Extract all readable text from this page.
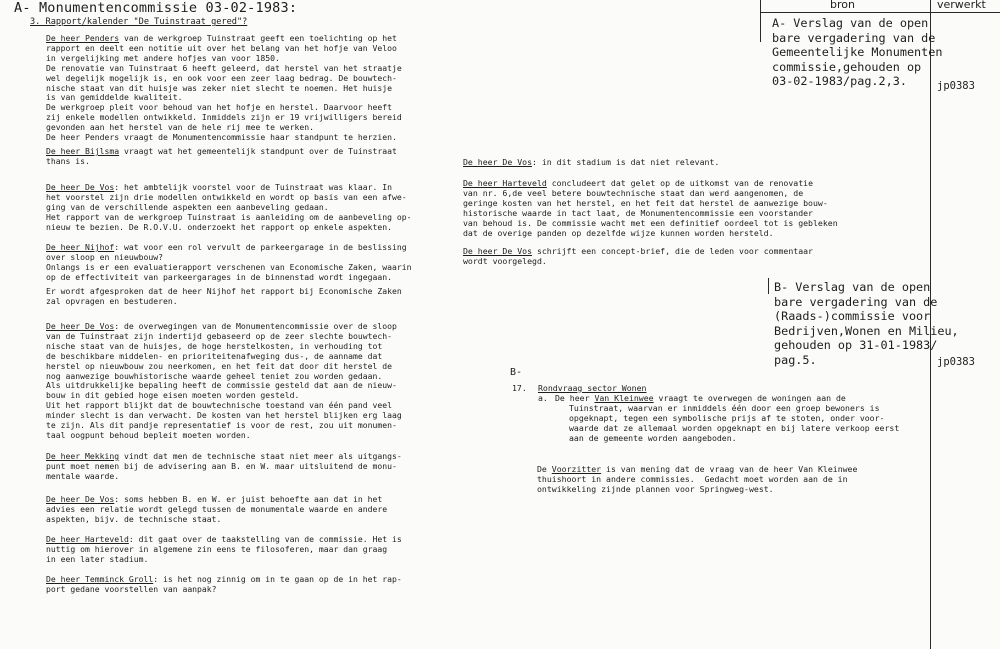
A- Monumentencommissie 03-02-1983:
3. Rapport/kalender "De Tuinstraat gered"?
bron	verwerkt
De heer Penders van de werkgroep Tuinstraat geeft een toelichting op het
rapport en deelt een notitie uit over het belang van het hofje van Veloo
in vergelijking met andere hofjes van voor 1850.
De renovatie van Tuinstraat 6 heeft geleerd, dat herstel van het straatje
wel degelijk mogelijk is, en ook voor een zeer laag bedrag. De bouwtech-
nische staat van dit huisje was zeker niet slecht te noemen. Het huisje
is van gemiddelde kwaliteit.
De werkgroep pleit voor behoud van het hofje en herstel. Daarvoor heeft
zij enkele modellen ontwikkeld. Inmiddels zijn er 19 vrijwilligers bereid
gevonden aan het herstel van de hele rij mee te werken.
De heer Penders vraagt de Monumentencommissie haar standpunt te herzien.
De heer Bijlsma vraagt wat het gemeentelijk standpunt over de Tuinstraat
thans is.
De heer De Vos: het ambtelijk voorstel voor de Tuinstraat was klaar. In
het voorstel zijn drie modellen ontwikkeld en wordt op basis van een afwe-
ging van de verschillende aspekten een aanbeveling gedaan.
Het rapport van de werkgroep Tuinstraat is aanleiding om de aanbeveling op-
nieuw te bezien. De R.O.V.U. onderzoekt het rapport op enkele aspekten.
De heer Nijhof: wat voor een rol vervult de parkeergarage in de beslissing
over sloop en nieuwbouw?
Onlangs is er een evaluatierapport verschenen van Economische Zaken, waarin
op de effectiviteit van parkeergarages in de binnenstad wordt ingegaan.
Er wordt afgesproken dat de heer Nijhof het rapport bij Economische Zaken
zal opvragen en bestuderen.
De heer De Vos: de overwegingen van de Monumentencommissie over de sloop
van de Tuinstraat zijn indertijd gebaseerd op de zeer slechte bouwtech-
nische staat van de huisjes, de hoge herstelkosten, in verhouding tot
de beschikbare middelen- en prioriteitenafweging dus-, de aanname dat
herstel op nieuwbouw zou neerkomen, en het feit dat door dit herstel de
nog aanwezige bouwhistorische waarde geheel teniet zou worden gedaan.
Als uitdrukkelijke bepaling heeft de commissie gesteld dat aan de nieuw-
bouw in dit gebied hoge eisen moeten worden gesteld.
Uit het rapport blijkt dat de bouwtechnische toestand van één pand veel
minder slecht is dan verwacht. De kosten van het herstel blijken erg laag
te zijn. Als dit pandje representatief is voor de rest, zou uit monumen-
taal oogpunt behoud bepleit moeten worden.
De heer Mekking vindt dat men de technische staat niet meer als uitgangs-
punt moet nemen bij de advisering aan B. en W. maar uitsluitend de monu-
mentale waarde.
De heer De Vos: soms hebben B. en W. er juist behoefte aan dat in het
advies een relatie wordt gelegd tussen de monumentale waarde en andere
aspekten, bijv. de technische staat.
De heer Harteveld: dit gaat over de taakstelling van de commissie. Het is
nuttig om hierover in algemene zin eens te filosoferen, maar dan graag
in een later stadium.
De heer Temminck Groll: is het nog zinnig om in te gaan op de in het rap-
port gedane voorstellen van aanpak?
De heer De Vos: in dit stadium is dat niet relevant.
De heer Harteveld concludeert dat gelet op de uitkomst van de renovatie
van nr. 6,de veel betere bouwtechnische staat dan werd aangenomen, de
geringe kosten van het herstel, en het feit dat herstel de aanwezige bouw-
historische waarde in tact laat, de Monumentencommissie een voorstander
van behoud is. De commissie wacht met een definitief oordeel tot is gebleken
dat de overige panden op dezelfde wijze kunnen worden hersteld.
De heer De Vos schrijft een concept-brief, die de leden voor commentaar
wordt voorgelegd.
B-
17. Rondvraag sector Wonen
a. De heer Van Kleinwee vraagt te overwegen de woningen aan de
Tuinstraat, waarvan er inmiddels één door een groep bewoners is
opgeknapt, tegen een symbolische prijs af te stoten, onder voor-
waarde dat ze allemaal worden opgeknapt en bij latere verkoop eerst
aan de gemeente worden aangeboden.
De Voorzitter is van mening dat de vraag van de heer Van Kleinwee
thuishoort in andere commissies.  Gedacht moet worden aan de in
ontwikkeling zijnde plannen voor Springweg-west.
A- Verslag van de open
bare vergadering van de
Gemeentelijke Monumenten
commissie,gehouden op
03-02-1983/pag.2,3.	jp0383
B- Verslag van de open
bare vergadering van de
(Raads-)commissie voor
Bedrijven,Wonen en Milieu,
gehouden op 31-01-1983/
pag.5.	jp0383
